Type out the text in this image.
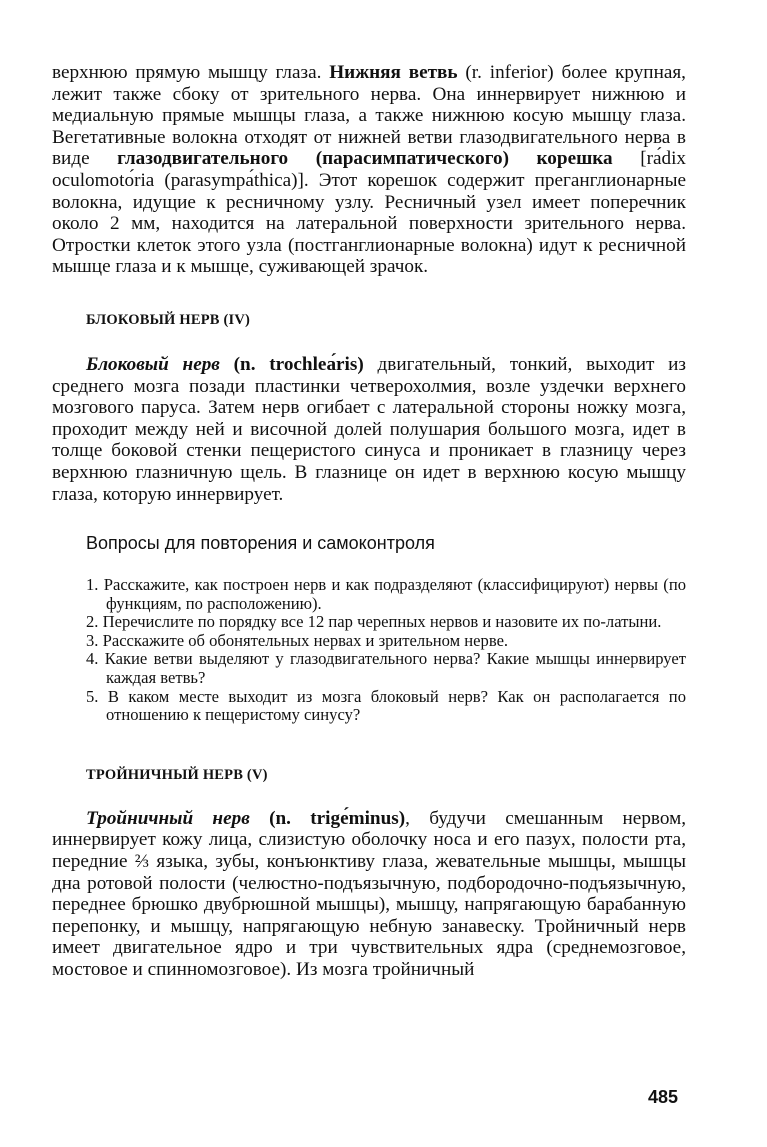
верхнюю прямую мышцу глаза. Нижняя ветвь (r. inferior) более крупная, лежит также сбоку от зрительного нерва. Она иннервирует нижнюю и медиальную прямые мышцы глаза, а также нижнюю косую мышцу глаза. Вегетативные волокна отходят от нижней ветви глазодвигательного нерва в виде глазодвигательного (парасимпатического) корешка [rа́dix oculomotо́ria (parasympа́thica)]. Этот корешок содержит преганглионарные волокна, идущие к ресничному узлу. Ресничный узел имеет поперечник около 2 мм, находится на латеральной поверхности зрительного нерва. Отростки клеток этого узла (постганглионарные волокна) идут к ресничной мышце глаза и к мышце, суживающей зрачок.

БЛОКОВЫЙ НЕРВ (IV)

Блоковый нерв (n. trochleа́ris) двигательный, тонкий, выходит из среднего мозга позади пластинки четверохолмия, возле уздечки верхнего мозгового паруса. Затем нерв огибает с латеральной стороны ножку мозга, проходит между ней и височной долей полушария большого мозга, идет в толще боковой стенки пещеристого синуса и проникает в глазницу через верхнюю глазничную щель. В глазнице он идет в верхнюю косую мышцу глаза, которую иннервирует.

Вопросы для повторения и самоконтроля
1. Расскажите, как построен нерв и как подразделяют (классифицируют) нервы (по функциям, по расположению).
2. Перечислите по порядку все 12 пар черепных нервов и назовите их по-латыни.
3. Расскажите об обонятельных нервах и зрительном нерве.
4. Какие ветви выделяют у глазодвигательного нерва? Какие мышцы иннервирует каждая ветвь?
5. В каком месте выходит из мозга блоковый нерв? Как он располагается по отношению к пещеристому синусу?
ТРОЙНИЧНЫЙ НЕРВ (V)

Тройничный нерв (n. trigе́minus), будучи смешанным нервом, иннервирует кожу лица, слизистую оболочку носа и его пазух, полости рта, передние ⅔ языка, зубы, конъюнктиву глаза, жевательные мышцы, мышцы дна ротовой полости (челюстно-подъязычную, подбородочно-подъязычную, переднее брюшко двубрюшной мышцы), мышцу, напрягающую барабанную перепонку, и мышцу, напрягающую небную занавеску. Тройничный нерв имеет двигательное ядро и три чувствительных ядра (среднемозговое, мостовое и спинномозговое). Из мозга тройничный

485
